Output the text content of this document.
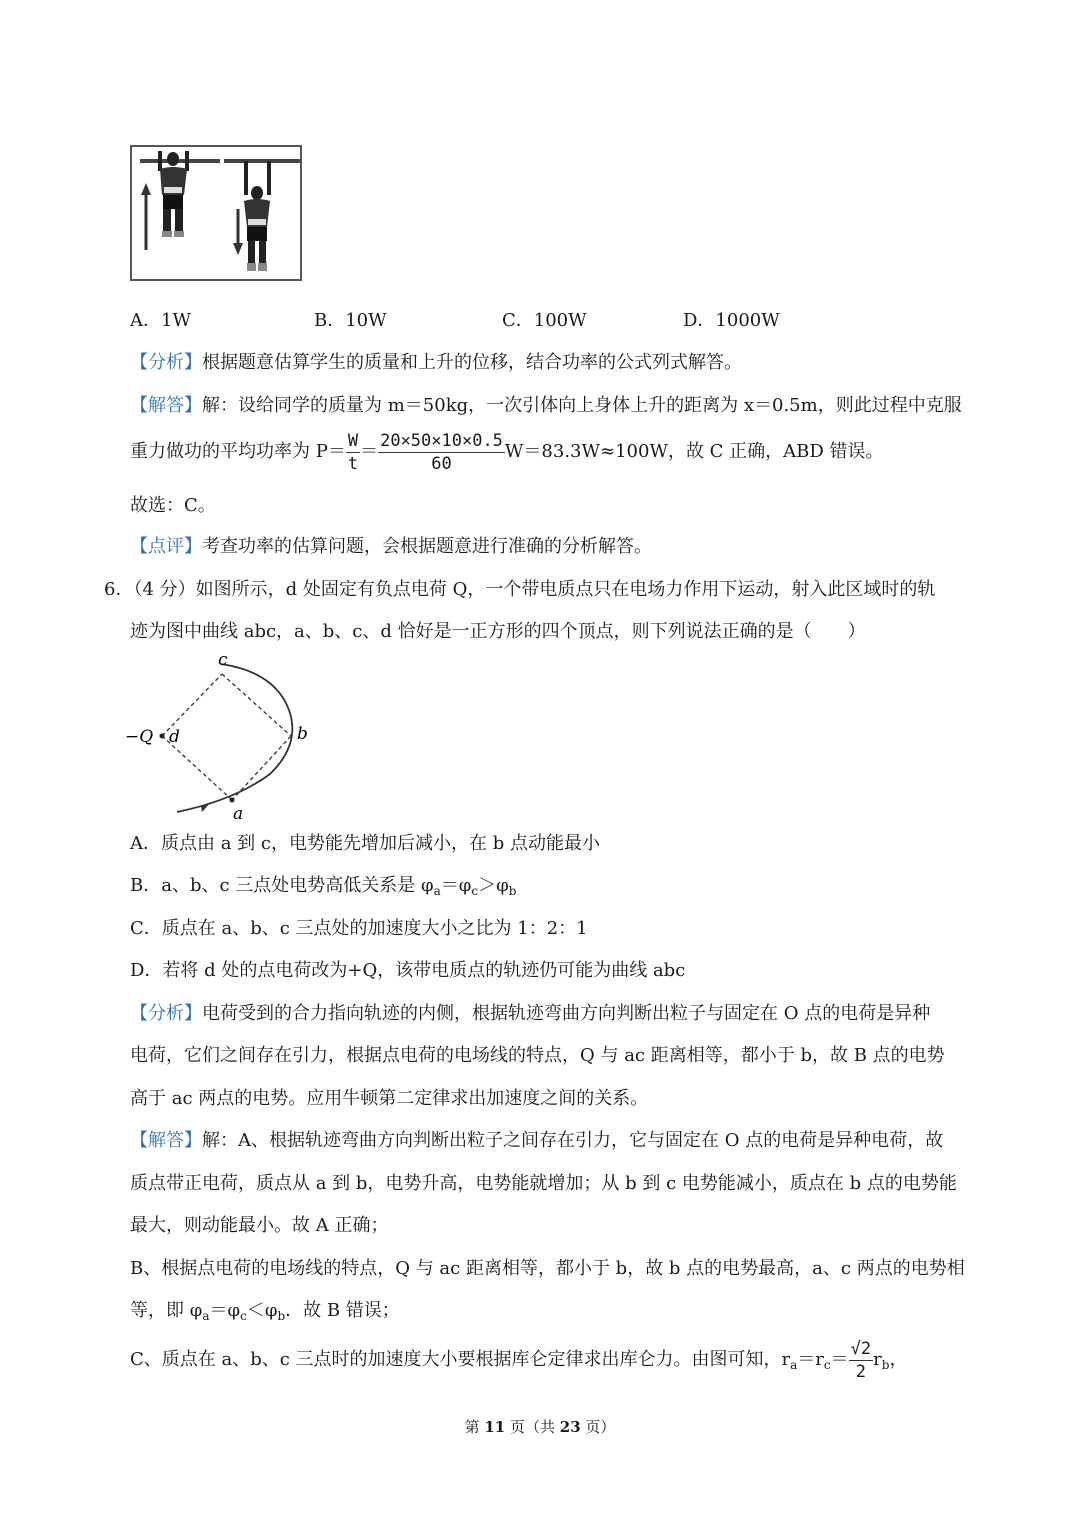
A．1W	B．10W	C．100W	D．1000W
【分析】根据题意估算学生的质量和上升的位移，结合功率的公式列式解答。
【解答】解：设给同学的质量为 m＝50kg，一次引体向上身体上升的距离为 x＝0.5m，则此过程中克服
重力做功的平均功率为 $P= \frac{W}{t} = \frac{20\times 50\times 10\times 0.5}{60} W=83.3W\approx 100W$，故 C 正确，ABD 错误。
故选：C。
【点评】考查功率的估算问题，会根据题意进行准确的分析解答。
6．（4 分）如图所示，d 处固定有负点电荷 Q，一个带电质点只在电场力作用下运动，射入此区域时的轨
迹为图中曲线 abc，a、b、c、d 恰好是一正方形的四个顶点，则下列说法正确的是（　　）
c
b
a
d
−Q
A．质点由 a 到 c，电势能先增加后减小，在 b 点动能最小
B．a、b、c 三点处电势高低关系是 $\varphi_a=\varphi_c>\varphi_b$
C．质点在 a、b、c 三点处的加速度大小之比为 1：2：1
D．若将 d 处的点电荷改为+Q，该带电质点的轨迹仍可能为曲线 abc
【分析】电荷受到的合力指向轨迹的内侧，根据轨迹弯曲方向判断出粒子与固定在 O 点的电荷是异种
电荷，它们之间存在引力，根据点电荷的电场线的特点，Q 与 ac 距离相等，都小于 b，故 B 点的电势
高于 ac 两点的电势。应用牛顿第二定律求出加速度之间的关系。
【解答】解：A、根据轨迹弯曲方向判断出粒子之间存在引力，它与固定在 O 点的电荷是异种电荷，故
质点带正电荷，质点从 a 到 b，电势升高，电势能就增加；从 b 到 c 电势能减小，质点在 b 点的电势能
最大，则动能最小。故 A 正确；
B、根据点电荷的电场线的特点，Q 与 ac 距离相等，都小于 b，故 b 点的电势最高，a、c 两点的电势相
等，即 $\varphi_a=\varphi_c<\varphi_b$．故 B 错误；
C、质点在 a、b、c 三点时的加速度大小要根据库仑定律求出库仑力。由图可知，$r_a=r_c= \frac{√2}{2} r_b$，
第 11 页（共 23 页）
